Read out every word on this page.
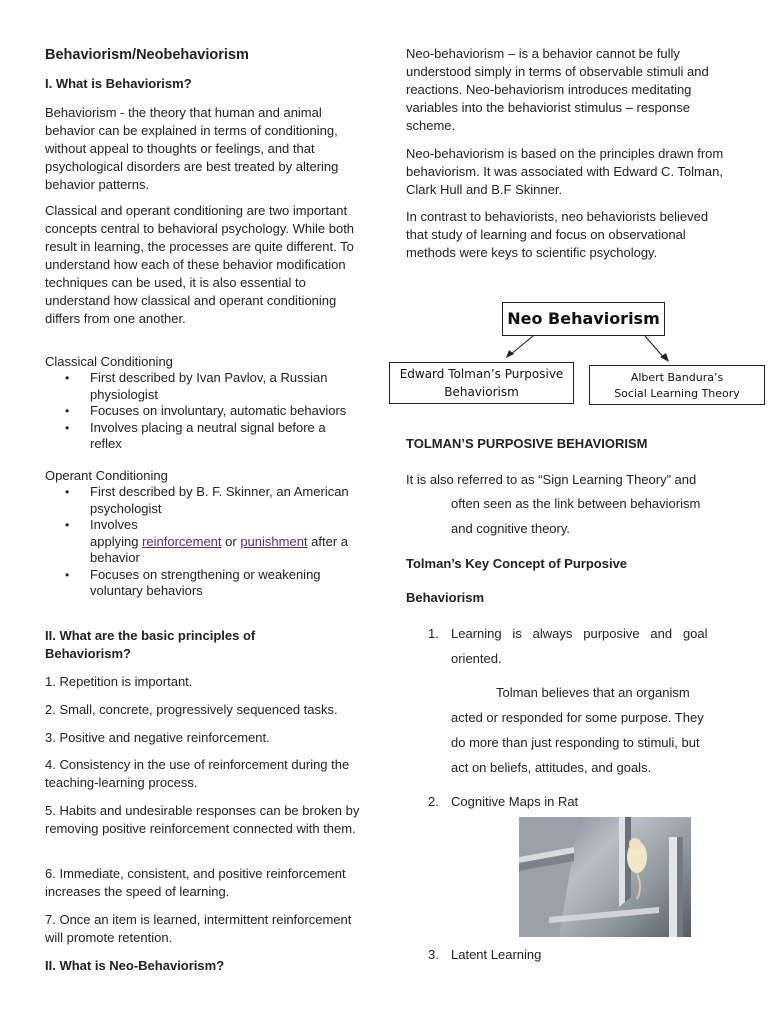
Behaviorism/Neobehaviorism
I. What is Behaviorism?

Behaviorism - the theory that human and animal behavior can be explained in terms of conditioning, without appeal to thoughts or feelings, and that psychological disorders are best treated by altering behavior patterns.

Classical and operant conditioning are two important concepts central to behavioral psychology. While both result in learning, the processes are quite different. To understand how each of these behavior modification techniques can be used, it is also essential to understand how classical and operant conditioning differs from one another.

Classical Conditioning
• First described by Ivan Pavlov, a Russian physiologist
• Focuses on involuntary, automatic behaviors
• Involves placing a neutral signal before a reflex
Operant Conditioning
• First described by B. F. Skinner, an American psychologist
• Involves
applying reinforcement or punishment after a behavior
• Focuses on strengthening or weakening voluntary behaviors

II. What are the basic principles of Behaviorism?

1. Repetition is important.

2. Small, concrete, progressively sequenced tasks.

3. Positive and negative reinforcement.

4. Consistency in the use of reinforcement during the teaching-learning process.

5. Habits and undesirable responses can be broken by removing positive reinforcement connected with them.

6. Immediate, consistent, and positive reinforcement increases the speed of learning.

7. Once an item is learned, intermittent reinforcement will promote retention.

II. What is Neo-Behaviorism?

Neo-behaviorism – is a behavior cannot be fully understood simply in terms of observable stimuli and reactions. Neo-behaviorism introduces meditating variables into the behaviorist stimulus – response scheme.

Neo-behaviorism is based on the principles drawn from behaviorism. It was associated with Edward C. Tolman, Clark Hull and B.F Skinner.

In contrast to behaviorists, neo behaviorists believed that study of learning and focus on observational methods were keys to scientific psychology.

Neo Behaviorism
Edward Tolman’s Purposive
Behaviorism
Albert Bandura’s
Social Learning Theory
TOLMAN’S PURPOSIVE BEHAVIORISM
It is also referred to as “Sign Learning Theory” and
often seen as the link between behaviorism
and cognitive theory.
Tolman’s Key Concept of Purposive
Behaviorism
1. Learning   is   always   purposive   and   goal
oriented.
Tolman believes that an organism
acted or responded for some purpose. They
do more than just responding to stimuli, but
act on beliefs, attitudes, and goals.
2. Cognitive Maps in Rat
3. Latent Learning
